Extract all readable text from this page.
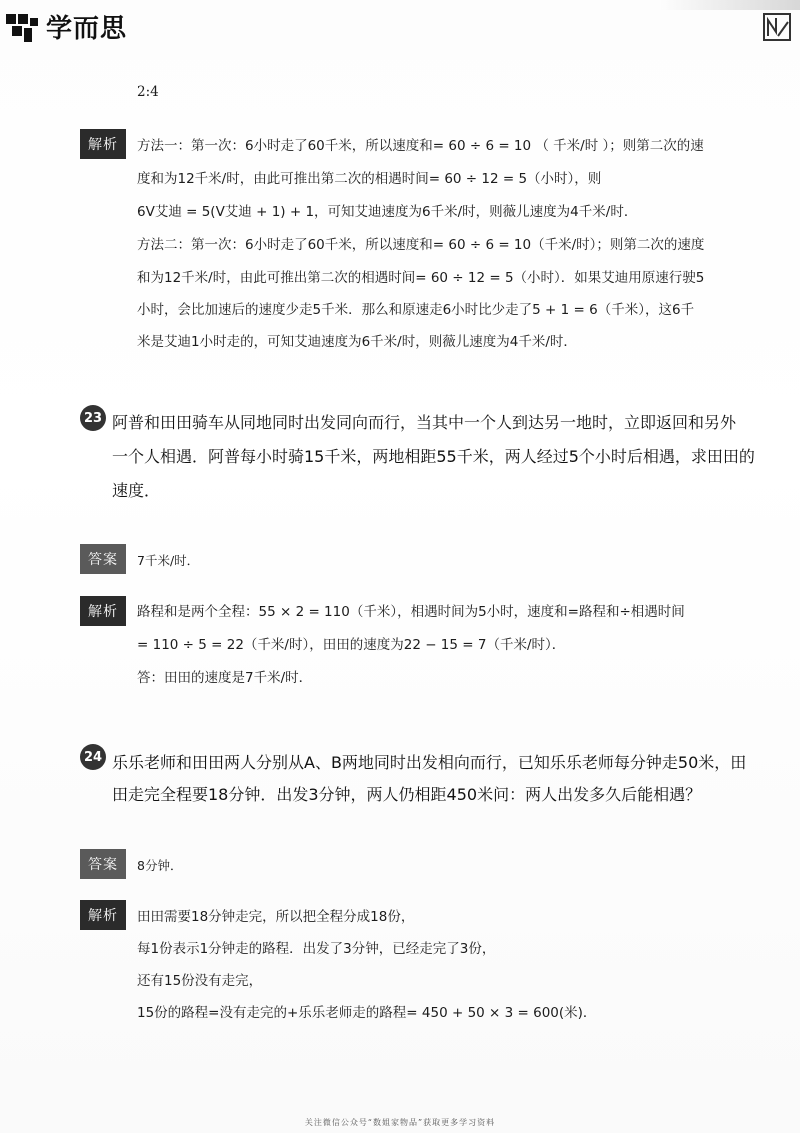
学而思
2:4
解析	方法一：第一次：6小时走了60千米，所以速度和= 60 ÷ 6 = 10 （ 千米/时 ）；则第二次的速
度和为12千米/时，由此可推出第二次的相遇时间= 60 ÷ 12 = 5（小时），则
6V艾迪 = 5(V艾迪 + 1) + 1，可知艾迪速度为6千米/时，则薇儿速度为4千米/时．
方法二：第一次：6小时走了60千米，所以速度和= 60 ÷ 6 = 10（千米/时）；则第二次的速度
和为12千米/时，由此可推出第二次的相遇时间= 60 ÷ 12 = 5（小时）．如果艾迪用原速行驶5
小时，会比加速后的速度少走5千米．那么和原速走6小时比少走了5 + 1 = 6（千米），这6千
米是艾迪1小时走的，可知艾迪速度为6千米/时，则薇儿速度为4千米/时．
23 阿普和田田骑车从同地同时出发同向而行，当其中一个人到达另一地时，立即返回和另外
一个人相遇．阿普每小时骑15千米，两地相距55千米，两人经过5个小时后相遇，求田田的
速度．
答案	7千米/时．
解析	路程和是两个全程：55 × 2 = 110（千米），相遇时间为5小时，速度和=路程和÷相遇时间
= 110 ÷ 5 = 22（千米/时），田田的速度为22 − 15 = 7（千米/时）．
答：田田的速度是7千米/时．
24 乐乐老师和田田两人分别从A、B两地同时出发相向而行，已知乐乐老师每分钟走50米，田
田走完全程要18分钟．出发3分钟，两人仍相距450米问：两人出发多久后能相遇？
答案	8分钟．
解析	田田需要18分钟走完，所以把全程分成18份，
每1份表示1分钟走的路程．出发了3分钟，已经走完了3份，
还有15份没有走完，
15份的路程=没有走完的+乐乐老师走的路程= 450 + 50 × 3 = 600(米)．
关注微信公众号“数姐家物品”获取更多学习资料
